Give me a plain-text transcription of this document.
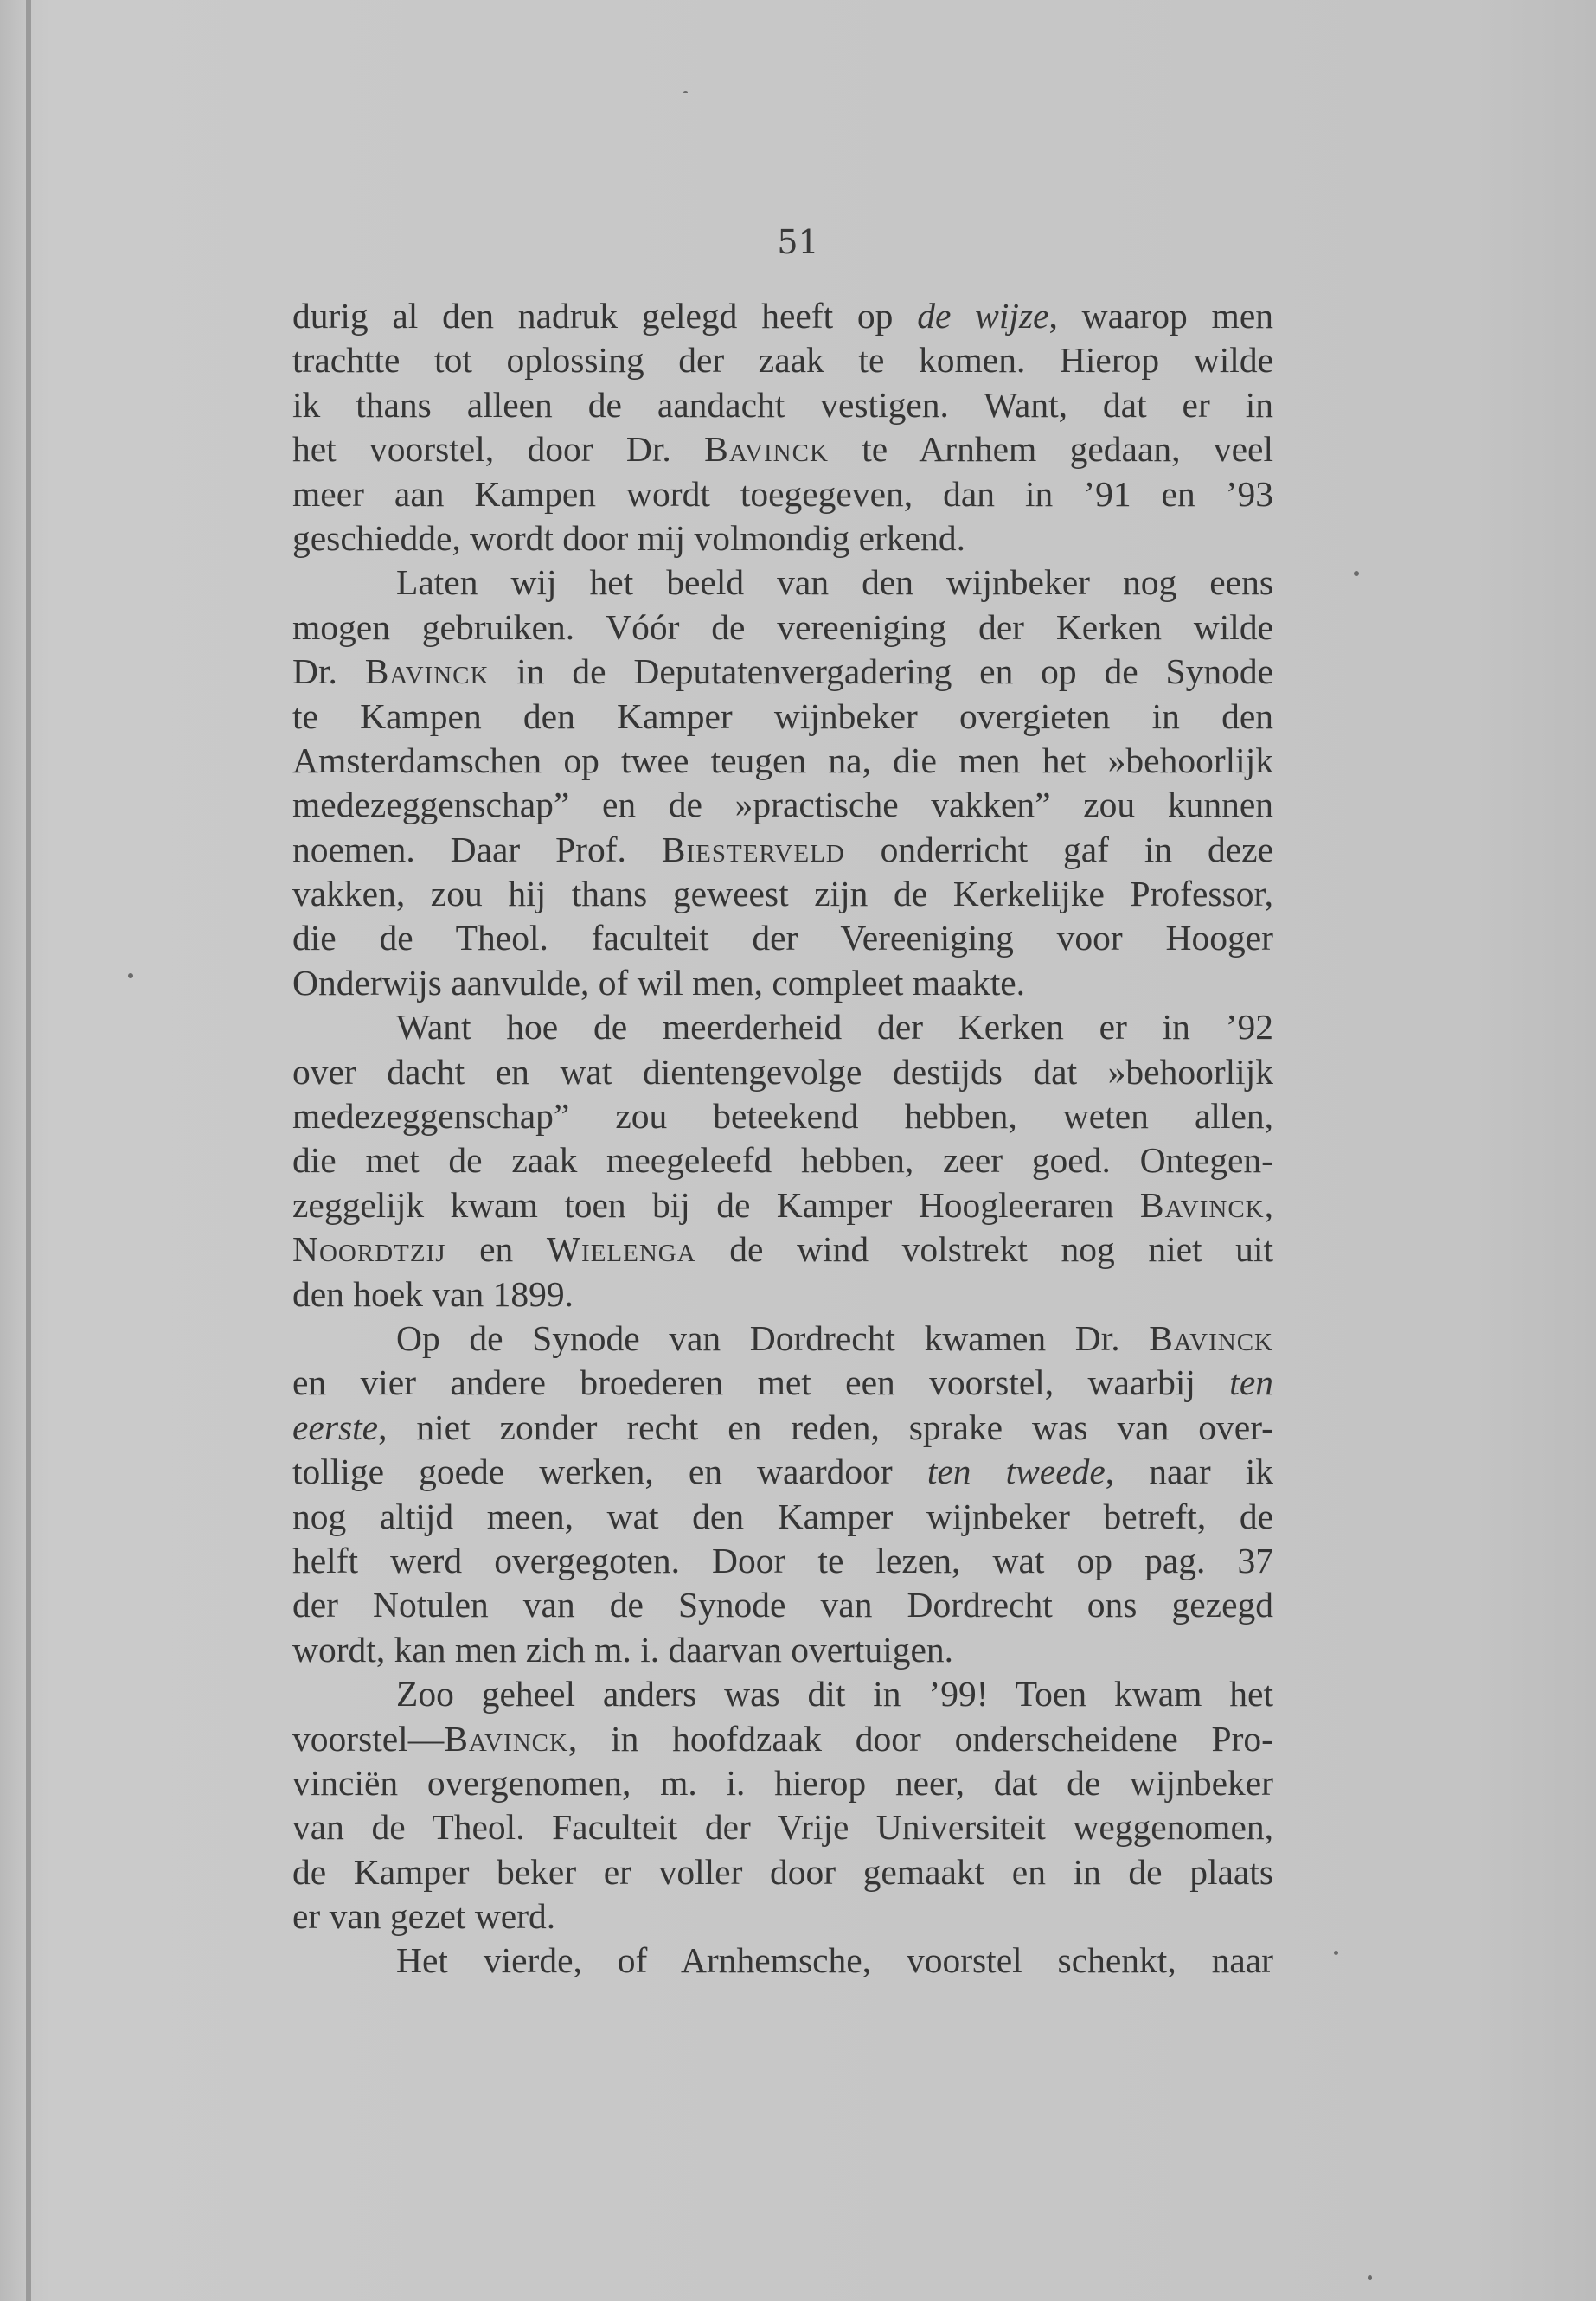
51
durig al den nadruk gelegd heeft op de wijze, waarop men
trachtte tot oplossing der zaak te komen. Hierop wilde
ik thans alleen de aandacht vestigen. Want, dat er in
het voorstel, door Dr. Bavinck te Arnhem gedaan, veel
meer aan Kampen wordt toegegeven, dan in ’91 en ’93
geschiedde, wordt door mij volmondig erkend.
Laten wij het beeld van den wijnbeker nog eens
mogen gebruiken. Vóór de vereeniging der Kerken wilde
Dr. Bavinck in de Deputatenvergadering en op de Synode
te Kampen den Kamper wijnbeker overgieten in den
Amsterdamschen op twee teugen na, die men het »behoorlijk
medezeggenschap” en de »practische vakken” zou kunnen
noemen. Daar Prof. Biesterveld onderricht gaf in deze
vakken, zou hij thans geweest zijn de Kerkelijke Professor,
die de Theol. faculteit der Vereeniging voor Hooger
Onderwijs aanvulde, of wil men, compleet maakte.
Want hoe de meerderheid der Kerken er in ’92
over dacht en wat dientengevolge destijds dat »behoorlijk
medezeggenschap” zou beteekend hebben, weten allen,
die met de zaak meegeleefd hebben, zeer goed. Ontegen-
zeggelijk kwam toen bij de Kamper Hoogleeraren Bavinck,
Noordtzij en Wielenga de wind volstrekt nog niet uit
den hoek van 1899.
Op de Synode van Dordrecht kwamen Dr. Bavinck
en vier andere broederen met een voorstel, waarbij ten
eerste, niet zonder recht en reden, sprake was van over-
tollige goede werken, en waardoor ten tweede, naar ik
nog altijd meen, wat den Kamper wijnbeker betreft, de
helft werd overgegoten. Door te lezen, wat op pag. 37
der Notulen van de Synode van Dordrecht ons gezegd
wordt, kan men zich m. i. daarvan overtuigen.
Zoo geheel anders was dit in ’99! Toen kwam het
voorstel—Bavinck, in hoofdzaak door onderscheidene Pro-
vinciën overgenomen, m. i. hierop neer, dat de wijnbeker
van de Theol. Faculteit der Vrije Universiteit weggenomen,
de Kamper beker er voller door gemaakt en in de plaats
er van gezet werd.
Het vierde, of Arnhemsche, voorstel schenkt, naar
